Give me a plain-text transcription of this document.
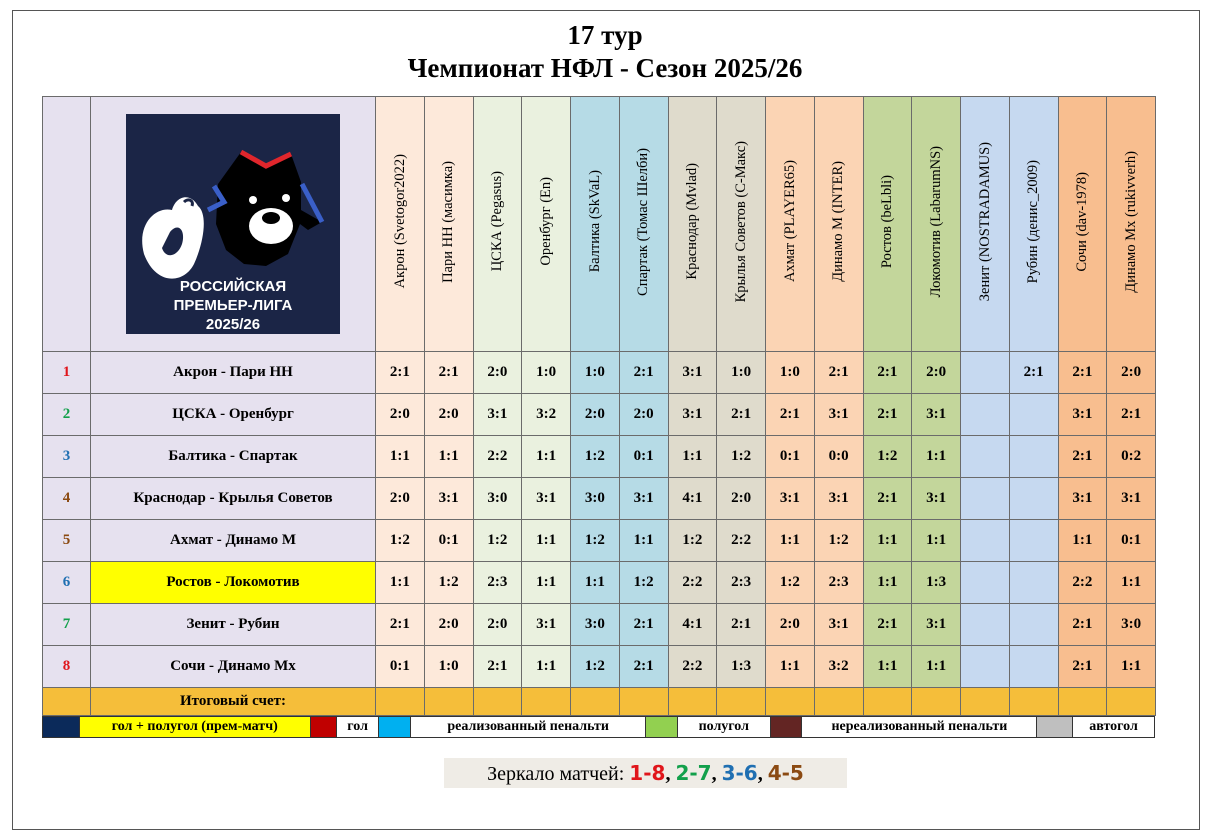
17 тур
Чемпионат НФЛ - Сезон 2025/26

РОССИЙСКАЯ
ПРЕМЬЕР-ЛИГА
2025/26	Акрон (Svetogor2022)	Пари НН (масимка)	ЦСКА (Pegasus)	Оренбург (En)	Балтика (SkVaL)	Спартак (Томас Шелби)	Краснодар (Mvlad)	Крылья Советов (С-Макс)	Ахмат (PLAYER65)	Динамо М (INTER)	Ростов (beLbli)	Локомотив (LabarumNS)	Зенит (NOSTRADAMUS)	Рубин (денис_2009)	Сочи (dav-1978)	Динамо Мх (rukivverh)
1	Акрон - Пари НН	2:1	2:1	2:0	1:0	1:0	2:1	3:1	1:0	1:0	2:1	2:1	2:0		2:1	2:1	2:0
2	ЦСКА - Оренбург	2:0	2:0	3:1	3:2	2:0	2:0	3:1	2:1	2:1	3:1	2:1	3:1			3:1	2:1
3	Балтика - Спартак	1:1	1:1	2:2	1:1	1:2	0:1	1:1	1:2	0:1	0:0	1:2	1:1			2:1	0:2
4	Краснодар - Крылья Советов	2:0	3:1	3:0	3:1	3:0	3:1	4:1	2:0	3:1	3:1	2:1	3:1			3:1	3:1
5	Ахмат - Динамо М	1:2	0:1	1:2	1:1	1:2	1:1	1:2	2:2	1:1	1:2	1:1	1:1			1:1	0:1
6	Ростов - Локомотив	1:1	1:2	2:3	1:1	1:1	1:2	2:2	2:3	1:2	2:3	1:1	1:3			2:2	1:1
7	Зенит - Рубин	2:1	2:0	2:0	3:1	3:0	2:1	4:1	2:1	2:0	3:1	2:1	3:1			2:1	3:0
8	Сочи - Динамо Мх	0:1	1:0	2:1	1:1	1:2	2:1	2:2	1:3	1:1	3:2	1:1	1:1			2:1	1:1
	Итоговый счет:																
гол + полугол (прем-матч)	гол	реализованный пенальти	полугол	нереализованный пенальти	автогол
Зеркало матчей: 1-8, 2-7, 3-6, 4-5
